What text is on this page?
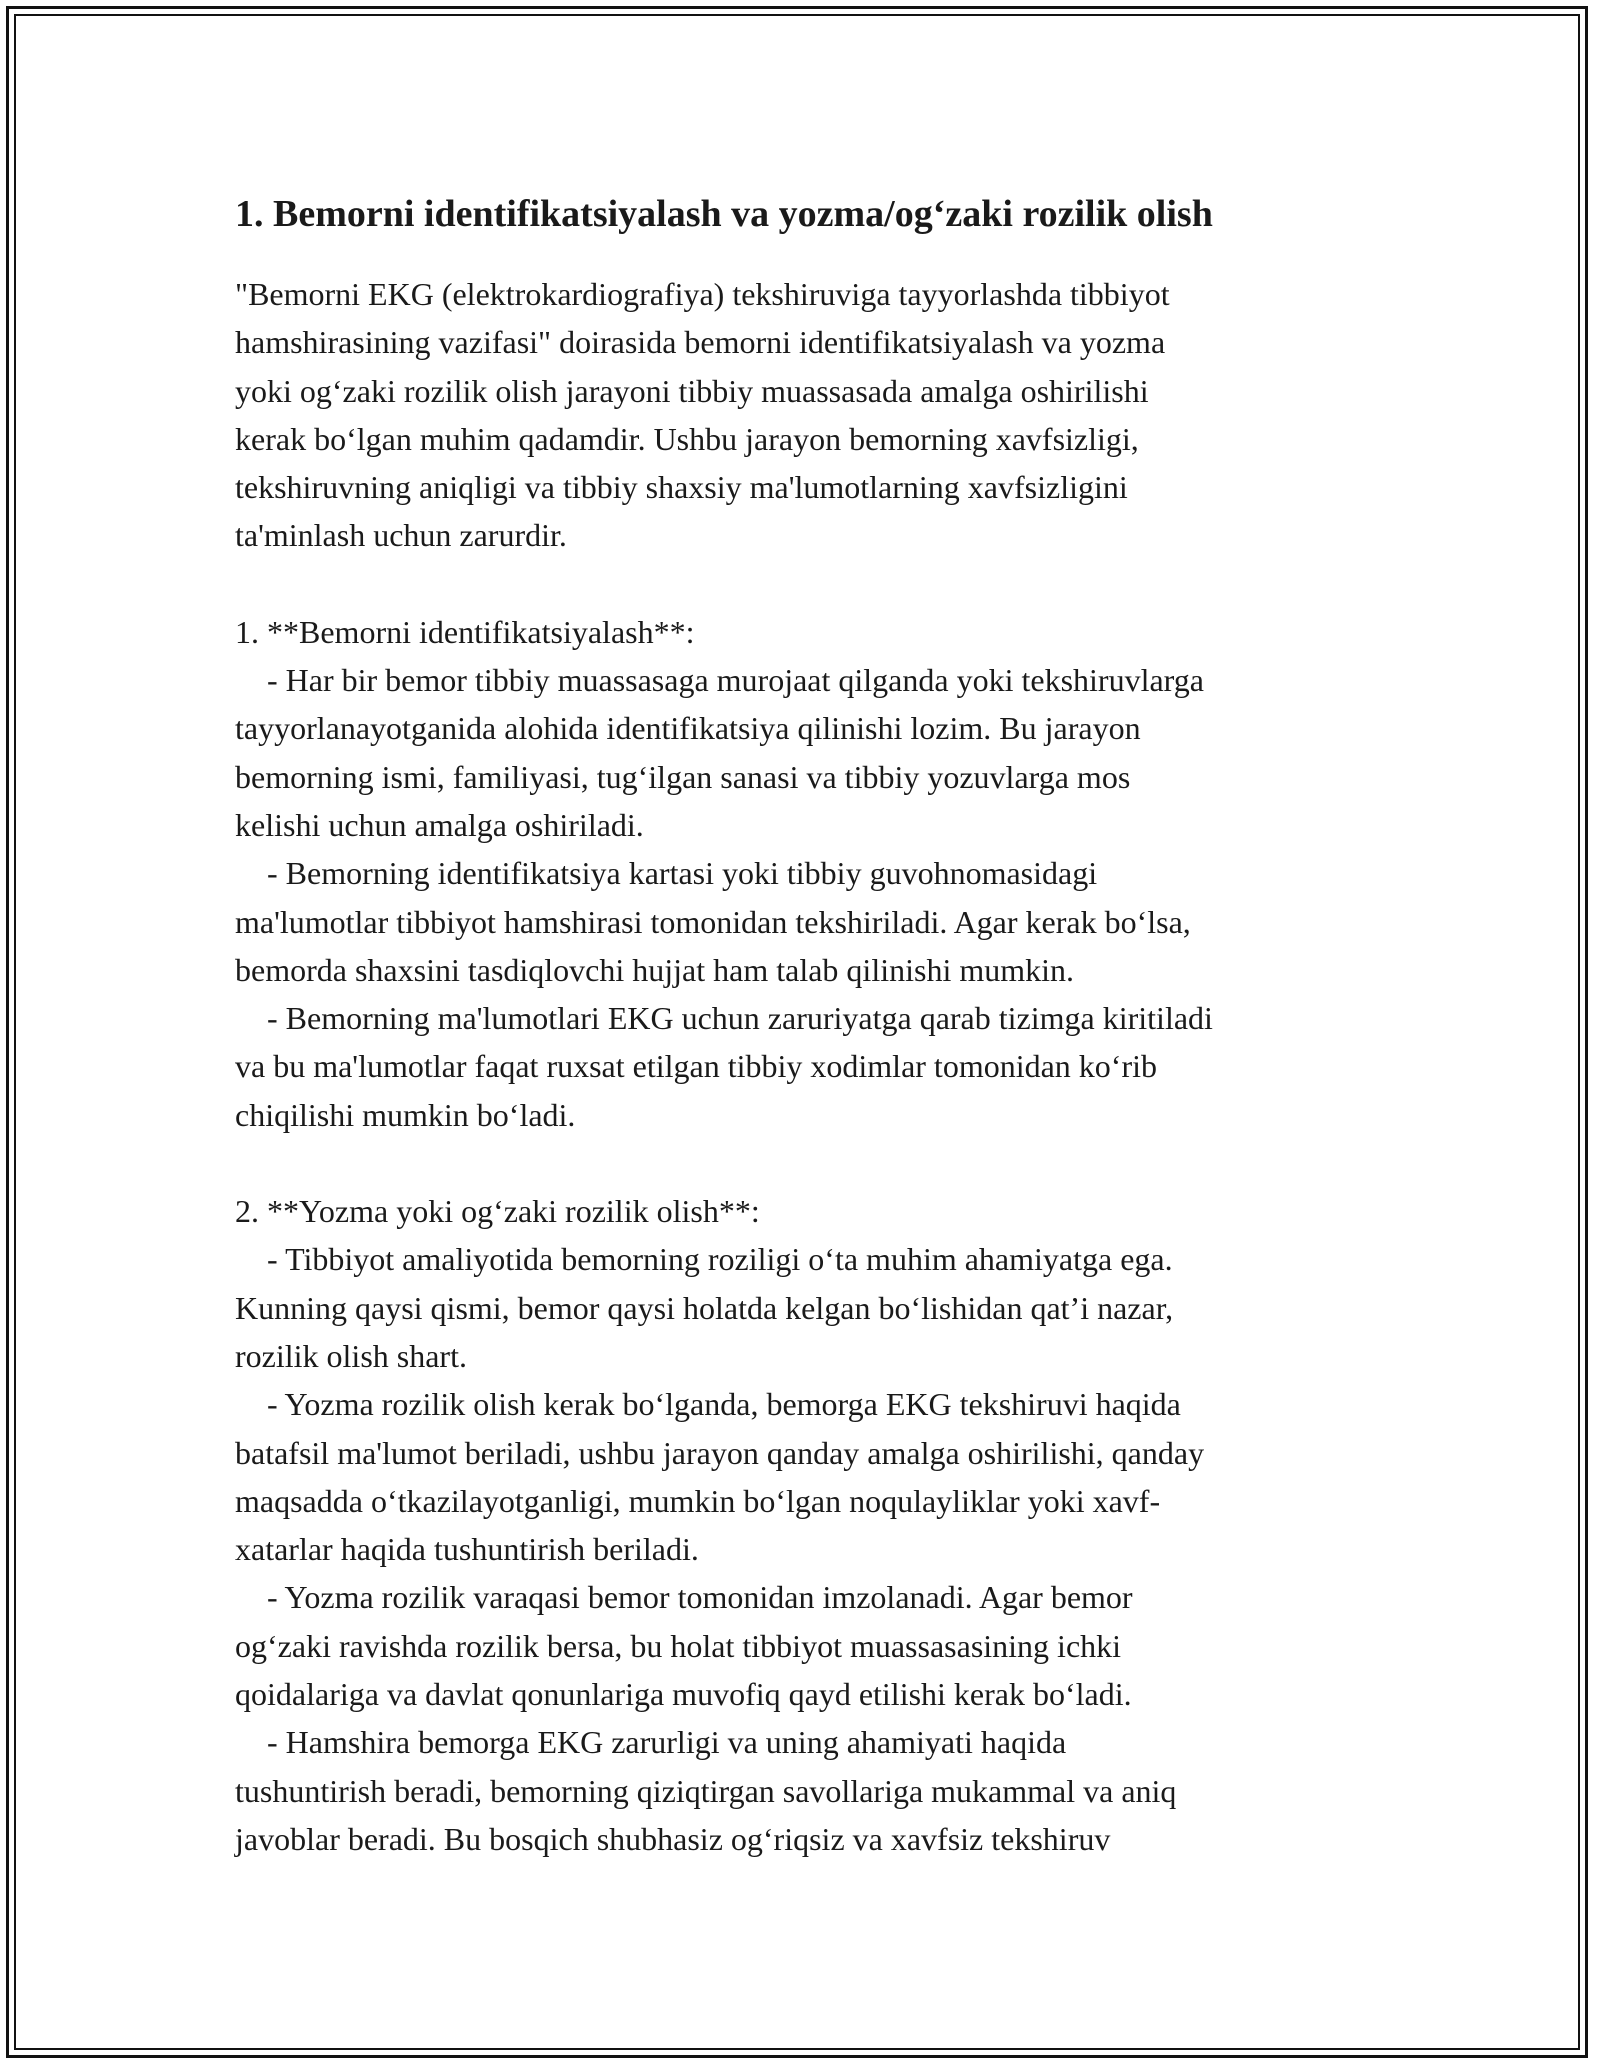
1. Bemorni identifikatsiyalash va yozma/og‘zaki rozilik olish
"Bemorni EKG (elektrokardiografiya) tekshiruviga tayyorlashda tibbiyot
hamshirasining vazifasi" doirasida bemorni identifikatsiyalash va yozma
yoki og‘zaki rozilik olish jarayoni tibbiy muassasada amalga oshirilishi
kerak bo‘lgan muhim qadamdir. Ushbu jarayon bemorning xavfsizligi,
tekshiruvning aniqligi va tibbiy shaxsiy ma'lumotlarning xavfsizligini
ta'minlash uchun zarurdir.
1. **Bemorni identifikatsiyalash**:
- Har bir bemor tibbiy muassasaga murojaat qilganda yoki tekshiruvlarga
tayyorlanayotganida alohida identifikatsiya qilinishi lozim. Bu jarayon
bemorning ismi, familiyasi, tug‘ilgan sanasi va tibbiy yozuvlarga mos
kelishi uchun amalga oshiriladi.
- Bemorning identifikatsiya kartasi yoki tibbiy guvohnomasidagi
ma'lumotlar tibbiyot hamshirasi tomonidan tekshiriladi. Agar kerak bo‘lsa,
bemorda shaxsini tasdiqlovchi hujjat ham talab qilinishi mumkin.
- Bemorning ma'lumotlari EKG uchun zaruriyatga qarab tizimga kiritiladi
va bu ma'lumotlar faqat ruxsat etilgan tibbiy xodimlar tomonidan ko‘rib
chiqilishi mumkin bo‘ladi.
2. **Yozma yoki og‘zaki rozilik olish**:
- Tibbiyot amaliyotida bemorning roziligi o‘ta muhim ahamiyatga ega.
Kunning qaysi qismi, bemor qaysi holatda kelgan bo‘lishidan qat’i nazar,
rozilik olish shart.
- Yozma rozilik olish kerak bo‘lganda, bemorga EKG tekshiruvi haqida
batafsil ma'lumot beriladi, ushbu jarayon qanday amalga oshirilishi, qanday
maqsadda o‘tkazilayotganligi, mumkin bo‘lgan noqulayliklar yoki xavf-
xatarlar haqida tushuntirish beriladi.
- Yozma rozilik varaqasi bemor tomonidan imzolanadi. Agar bemor
og‘zaki ravishda rozilik bersa, bu holat tibbiyot muassasasining ichki
qoidalariga va davlat qonunlariga muvofiq qayd etilishi kerak bo‘ladi.
- Hamshira bemorga EKG zarurligi va uning ahamiyati haqida
tushuntirish beradi, bemorning qiziqtirgan savollariga mukammal va aniq
javoblar beradi. Bu bosqich shubhasiz og‘riqsiz va xavfsiz tekshiruv
